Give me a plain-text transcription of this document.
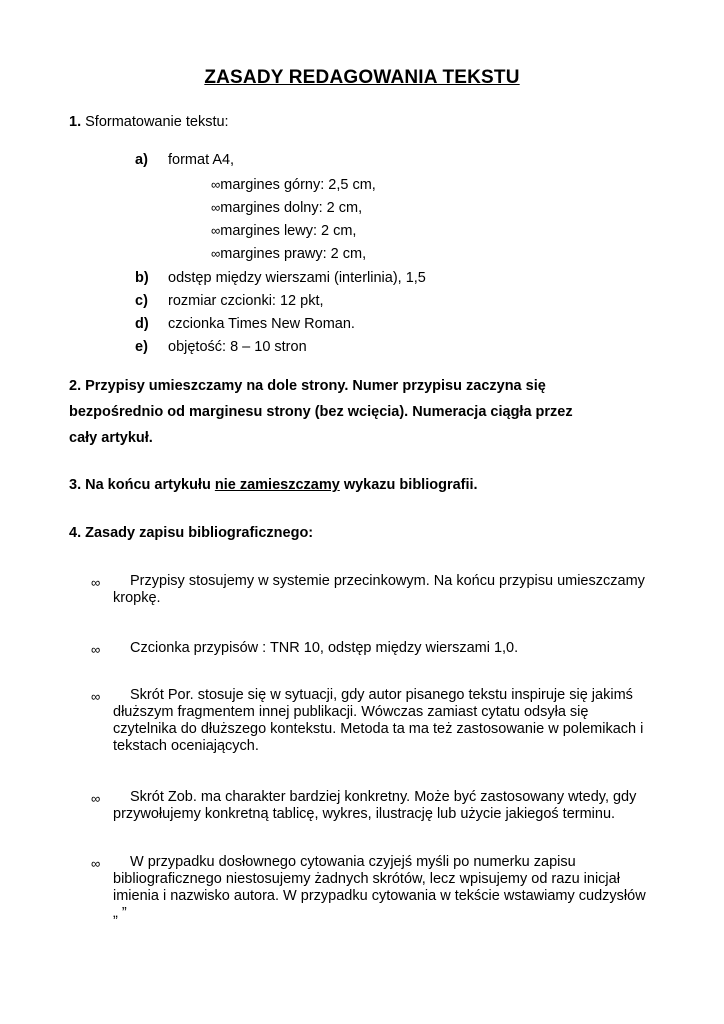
ZASADY REDAGOWANIA TEKSTU
1. Sformatowanie tekstu:
a) format A4,
∞margines górny: 2,5 cm,
∞margines dolny: 2 cm,
∞margines lewy: 2 cm,
∞margines prawy: 2 cm,
b) odstęp między wierszami (interlinia), 1,5
c) rozmiar czcionki: 12 pkt,
d) czcionka Times New Roman.
e) objętość: 8 – 10 stron
2. Przypisy umieszczamy na dole strony. Numer przypisu zaczyna się
bezpośrednio od marginesu strony (bez wcięcia). Numeracja ciągła przez
cały artykuł.
3. Na końcu artykułu nie zamieszczamy wykazu bibliografii.
4. Zasady zapisu bibliograficznego:
∞	Przypisy stosujemy w systemie przecinkowym. Na końcu przypisu umieszczamy
kropkę.
∞	Czcionka przypisów : TNR 10, odstęp między wierszami 1,0.
∞	Skrót Por. stosuje się w sytuacji, gdy autor pisanego tekstu inspiruje się jakimś
dłuższym fragmentem innej publikacji. Wówczas zamiast cytatu odsyła się
czytelnika do dłuższego kontekstu. Metoda ta ma też zastosowanie w polemikach i
tekstach oceniających.
∞	Skrót Zob. ma charakter bardziej konkretny. Może być zastosowany wtedy, gdy
przywołujemy konkretną tablicę, wykres, ilustrację lub użycie jakiegoś terminu.
∞	W przypadku dosłownego cytowania czyjejś myśli po numerku zapisu
bibliograficznego niestosujemy żadnych skrótów, lecz wpisujemy od razu inicjał
imienia i nazwisko autora. W przypadku cytowania w tekście wstawiamy cudzysłów
„ ”
